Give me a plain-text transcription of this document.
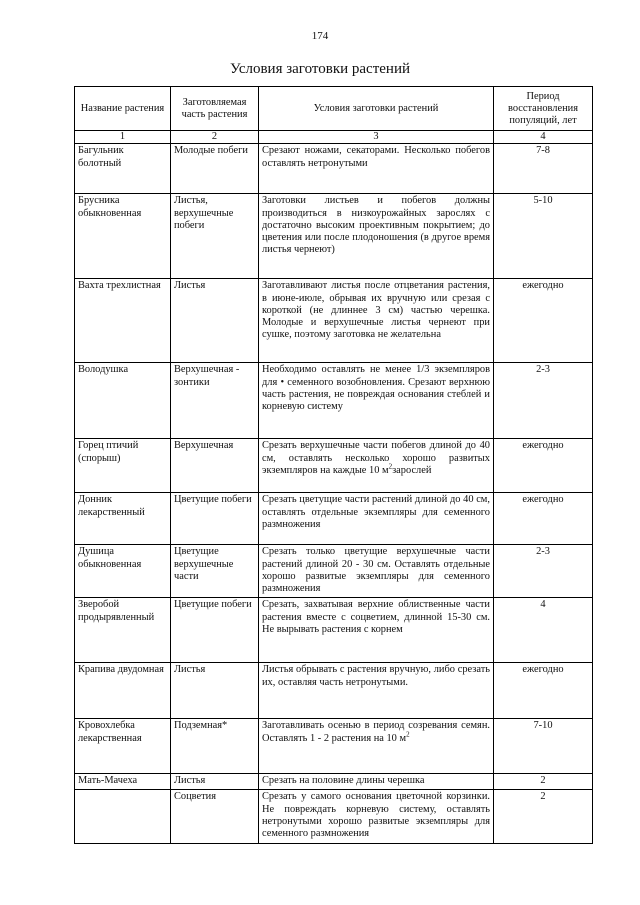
174
Условия заготовки растений
Название растения	Заготовляемая часть растения	Условия заготовки растений	Период восстановления популяций, лет
1	2	3	4
Багульник болотный	Молодые побеги	Срезают ножами, секаторами. Несколько побегов оставлять нетронутыми	7-8
Брусника обыкновенная	Листья, верхушечные побеги	Заготовки листьев и побегов должны производиться в низкоурожайных зарослях с достаточно высоким проективным покрытием; до цветения или после плодоношения (в другое время листья чернеют)	5-10
Вахта трехлистная	Листья	Заготавливают листья после отцветания растения, в июне-июле, обрывая их вручную или срезая с короткой (не длиннее 3 см) частью черешка. Молодые и верхушечные листья чернеют при сушке, поэтому заготовка не желательна	ежегодно
Володушка	Верхушечная - зонтики	Необходимо оставлять не менее 1/3 экземпляров для • семенного возобновления. Срезают верхнюю часть растения, не повреждая основания стеблей и корневую систему	2-3
Горец птичий (спорыш)	Верхушечная	Срезать верхушечные части побегов длиной до 40 см, оставлять несколько хорошо развитых экземпляров на каждые 10 $м^2зарослей$	ежегодно
Донник лекарственный	Цветущие побеги	Срезать цветущие части растений длиной до 40 см, оставлять отдельные экземпляры для семенного размножения	ежегодно
Душица обыкновенная	Цветущие верхушечные части	Срезать только цветущие верхушечные части растений длиной 20 - 30 см. Оставлять отдельные хорошо развитые экземпляры для семенного размножения	2-3
Зверобой продырявленный	Цветущие побеги	Срезать, захватывая верхние облиственные части растения вместе с соцветием, длинной 15-30 см. Не вырывать растения с корнем	4
Крапива двудомная	Листья	Листья обрывать с растения вручную, либо срезать их, оставляя часть нетронутыми.	ежегодно
Кровохлебка лекарственная	Подземная*	Заготавливать осенью в период созревания семян. Оставлять 1 - 2 растения на 10 $м^2$	7-10
Мать-Мачеха	Листья	Срезать на половине длины черешка	2
	Соцветия	Срезать у самого основания цветочной корзинки. Не повреждать корневую систему, оставлять нетронутыми хорошо развитые экземпляры для семенного размножения	2
